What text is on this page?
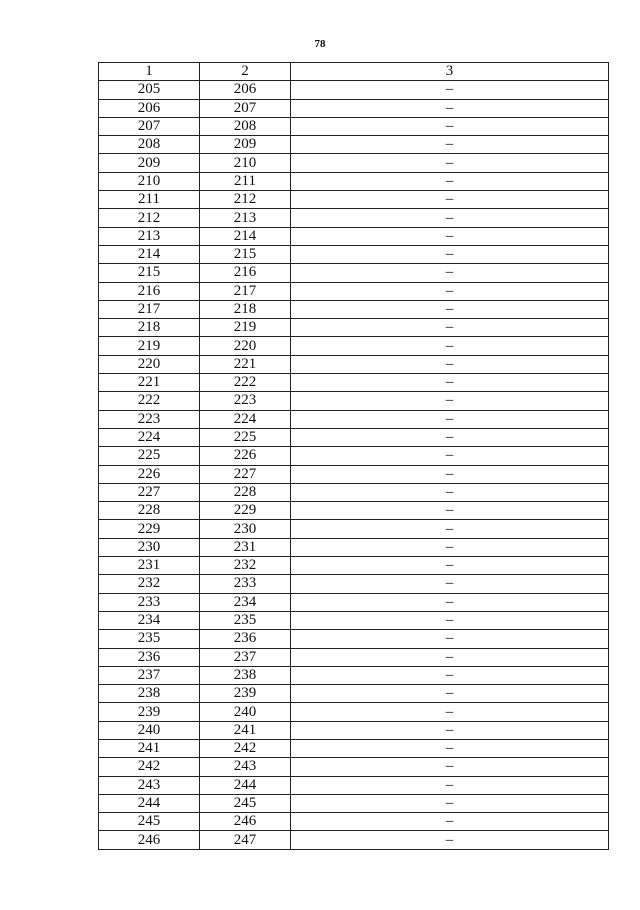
78
1	2	3
205	206	–
206	207	–
207	208	–
208	209	–
209	210	–
210	211	–
211	212	–
212	213	–
213	214	–
214	215	–
215	216	–
216	217	–
217	218	–
218	219	–
219	220	–
220	221	–
221	222	–
222	223	–
223	224	–
224	225	–
225	226	–
226	227	–
227	228	–
228	229	–
229	230	–
230	231	–
231	232	–
232	233	–
233	234	–
234	235	–
235	236	–
236	237	–
237	238	–
238	239	–
239	240	–
240	241	–
241	242	–
242	243	–
243	244	–
244	245	–
245	246	–
246	247	–
